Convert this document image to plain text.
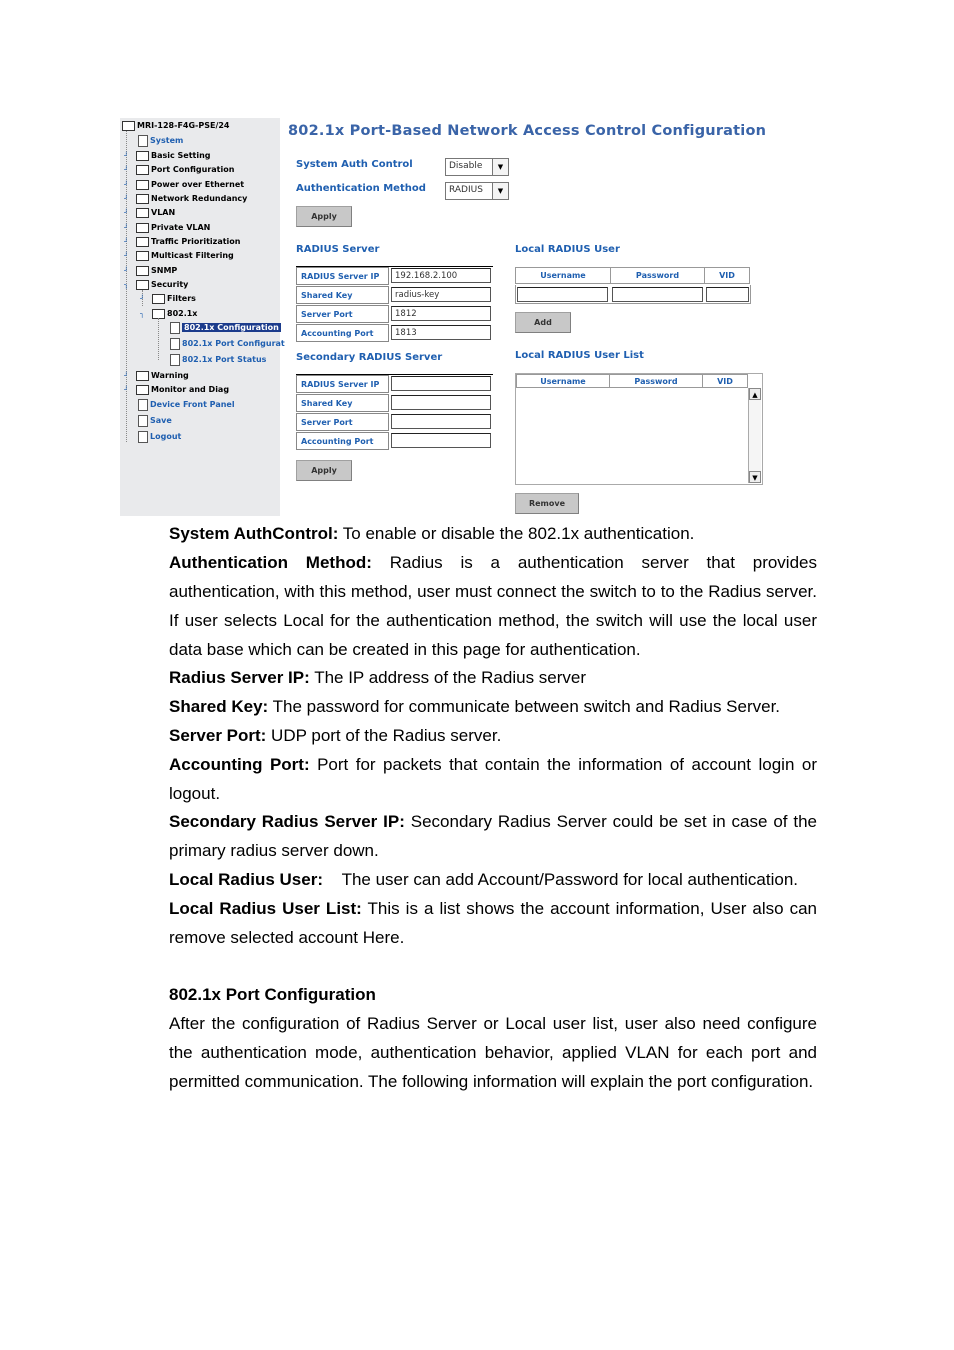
MRI-128-F4G-PSE/24
System
┘	Basic Setting
┘	Port Configuration
┘	Power over Ethernet
┘	Network Redundancy
┘	VLAN
┘	Private VLAN
┘	Traffic Prioritization
┘	Multicast Filtering
┘	SNMP
┐	Security
┘	Filters
┐	802.1x
802.1x Configuration
802.1x Port Configurat
802.1x Port Status
┘	Warning
┘	Monitor and Diag
Device Front Panel
Save
Logout
802.1x Port-Based Network Access Control Configuration
System Auth Control	Disable	▼
Authentication Method	RADIUS	▼
Apply
RADIUS Server
RADIUS Server IP	192.168.2.100
Shared Key	radius-key
Server Port	1812
Accounting Port	1813
Secondary RADIUS Server
RADIUS Server IP
Shared Key
Server Port
Accounting Port
Apply
Local RADIUS User
Username	Password	VID
Add
Local RADIUS User List
Username	Password	VID
▲
▼
Remove
System AuthControl: To enable or disable the 802.1x authentication.
Authentication Method: Radius is a authentication server that provides authentication, with this method, user must connect the switch to to the Radius server. If user selects Local for the authentication method, the switch will use the local user data base which can be created in this page for authentication.
Radius Server IP: The IP address of the Radius server
Shared Key: The password for communicate between switch and Radius Server.
Server Port: UDP port of the Radius server.
Accounting Port: Port for packets that contain the information of account login or logout.
Secondary Radius Server IP: Secondary Radius Server could be set in case of the primary radius server down.
Local Radius User:    The user can add Account/Password for local authentication.
Local Radius User List: This is a list shows the account information, User also can remove selected account Here.
802.1x Port Configuration
After the configuration of Radius Server or Local user list, user also need configure the authentication mode, authentication behavior, applied VLAN for each port and permitted communication. The following information will explain the port configuration.
